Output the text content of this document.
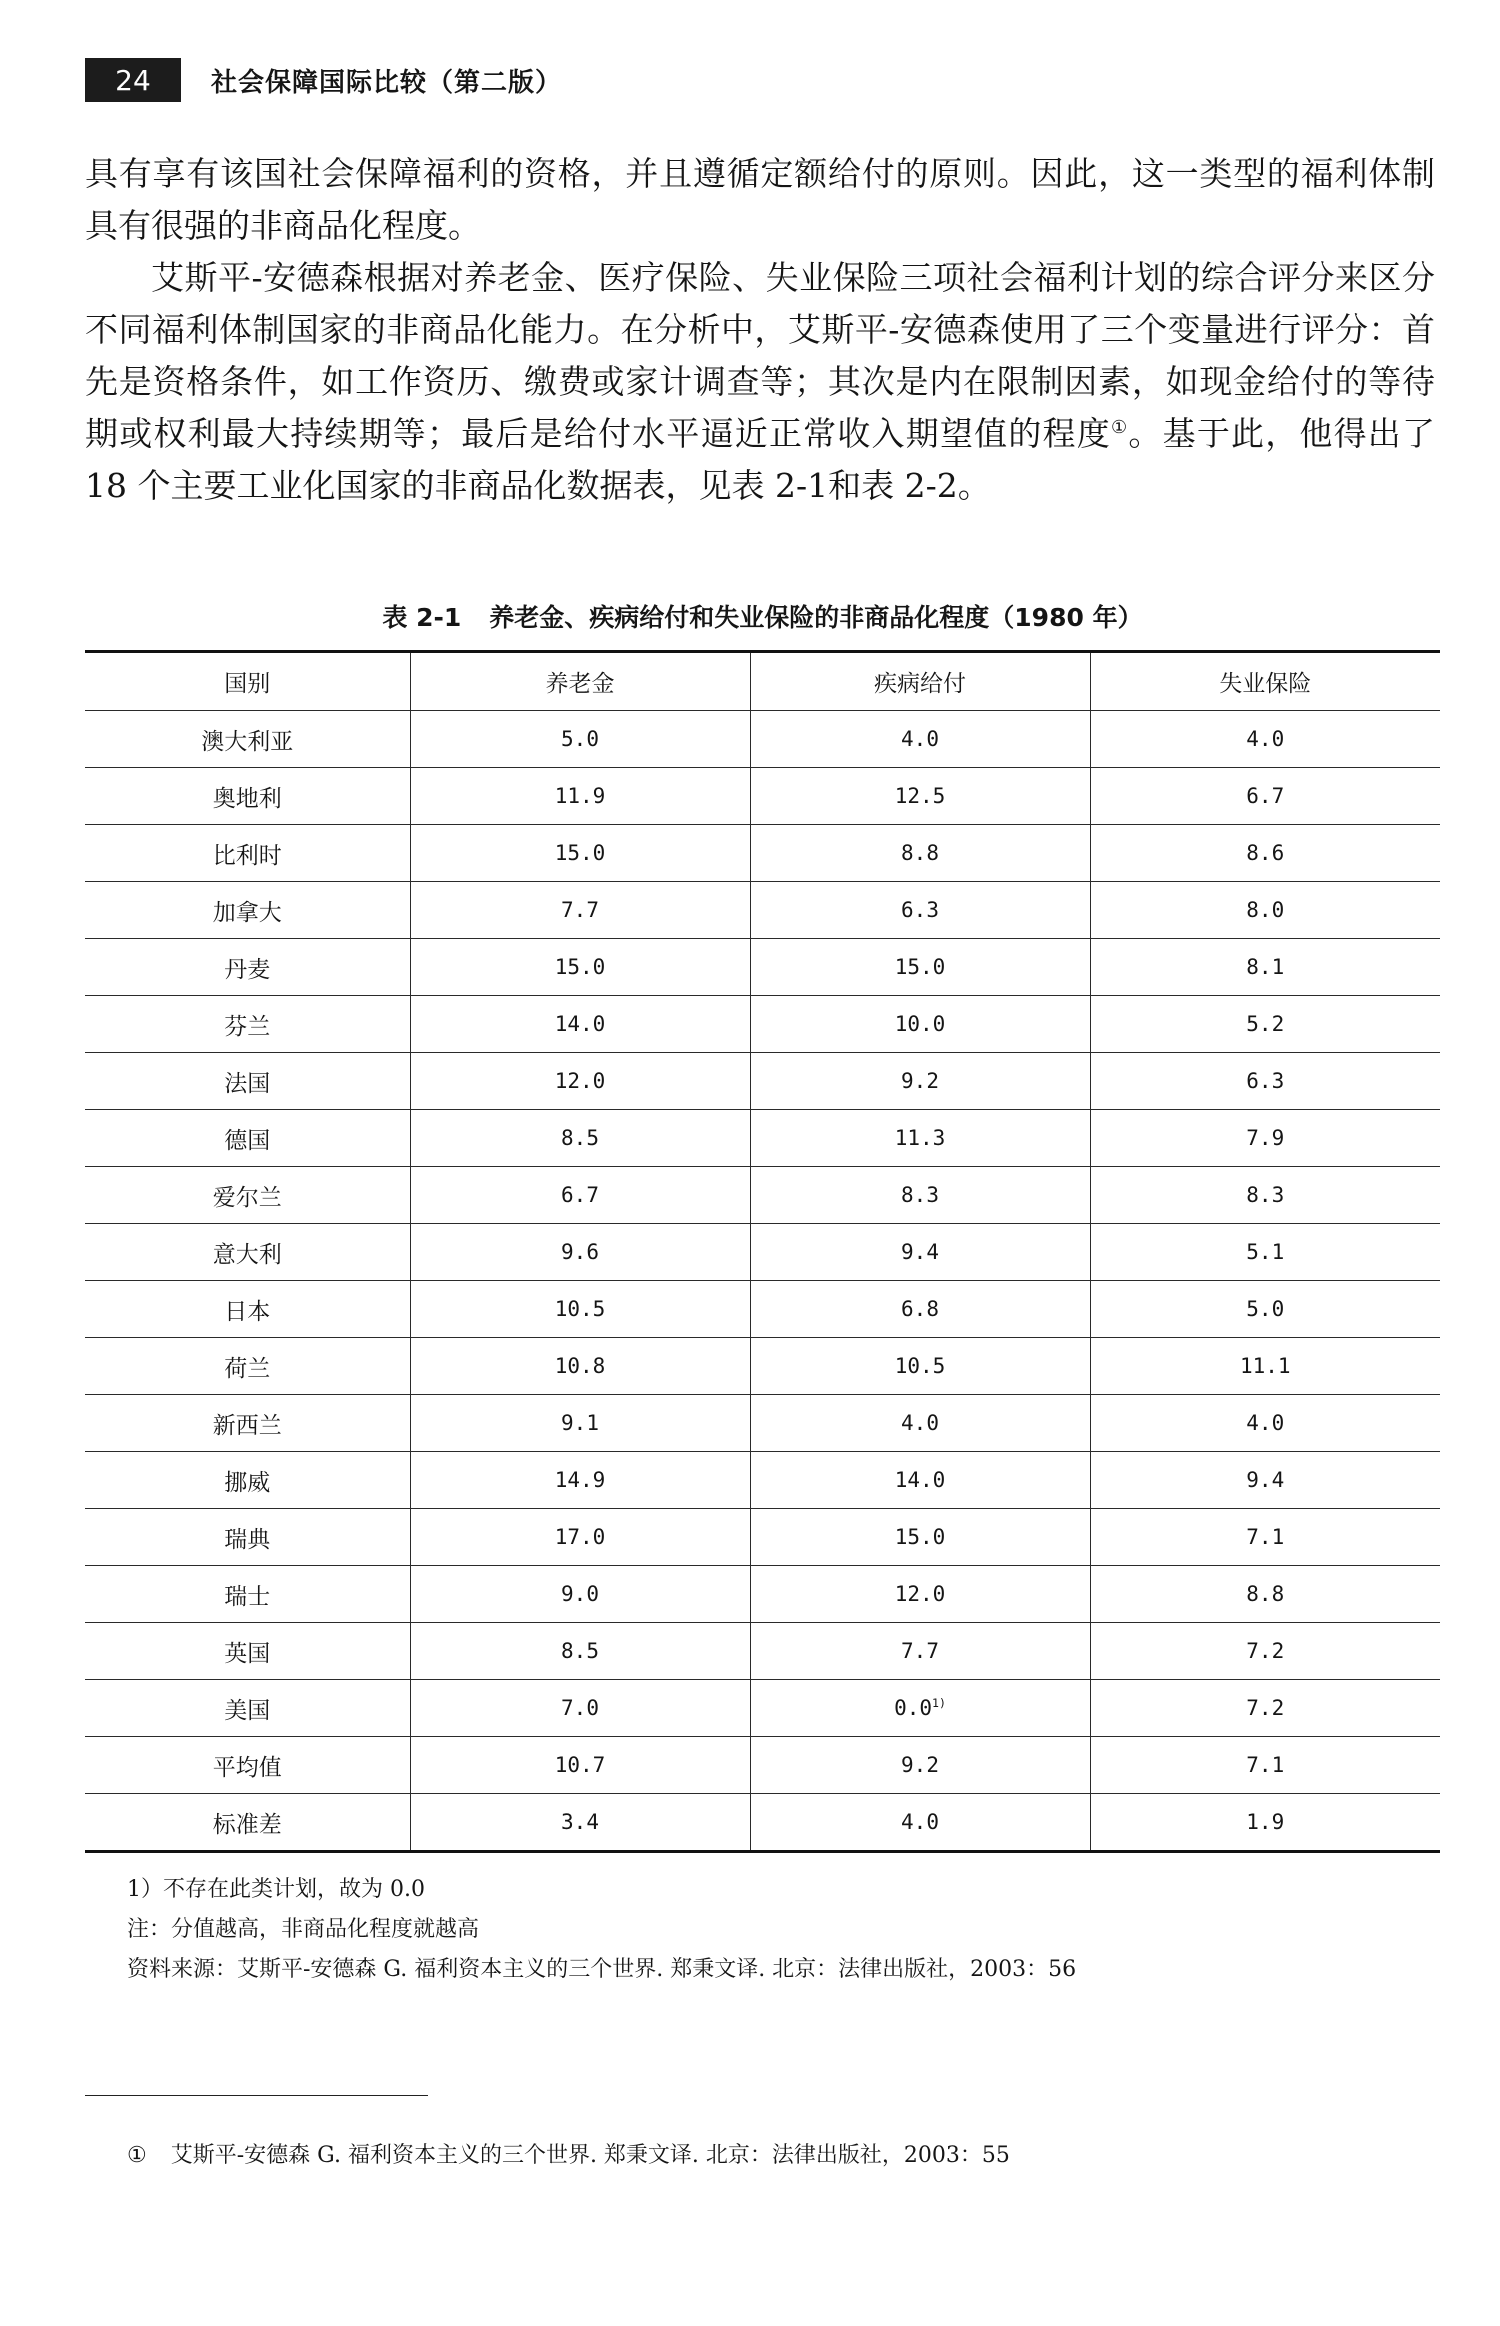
24	社会保障国际比较（第二版）

具有享有该国社会保障福利的资格，并且遵循定额给付的原则。因此，这一类型的福利体制具有很强的非商品化程度。

艾斯平-安德森根据对养老金、医疗保险、失业保险三项社会福利计划的综合评分来区分不同福利体制国家的非商品化能力。在分析中，艾斯平-安德森使用了三个变量进行评分：首先是资格条件，如工作资历、缴费或家计调查等；其次是内在限制因素，如现金给付的等待期或权利最大持续期等；最后是给付水平逼近正常收入期望值的程度①。基于此，他得出了 18 个主要工业化国家的非商品化数据表，见表 2-1和表 2-2。

表 2-1 养老金、疾病给付和失业保险的非商品化程度（1980 年）
国别	养老金	疾病给付	失业保险
澳大利亚	5.0	4.0	4.0
奥地利	11.9	12.5	6.7
比利时	15.0	8.8	8.6
加拿大	7.7	6.3	8.0
丹麦	15.0	15.0	8.1
芬兰	14.0	10.0	5.2
法国	12.0	9.2	6.3
德国	8.5	11.3	7.9
爱尔兰	6.7	8.3	8.3
意大利	9.6	9.4	5.1
日本	10.5	6.8	5.0
荷兰	10.8	10.5	11.1
新西兰	9.1	4.0	4.0
挪威	14.9	14.0	9.4
瑞典	17.0	15.0	7.1
瑞士	9.0	12.0	8.8
英国	8.5	7.7	7.2
美国	7.0	0.0$^{1)}$	7.2
平均值	10.7	9.2	7.1
标准差	3.4	4.0	1.9
1）不存在此类计划，故为 0.0
注：分值越高，非商品化程度就越高
资料来源：艾斯平-安德森 G. 福利资本主义的三个世界. 郑秉文译. 北京：法律出版社，2003：56
① 艾斯平-安德森 G. 福利资本主义的三个世界. 郑秉文译. 北京：法律出版社，2003：55
